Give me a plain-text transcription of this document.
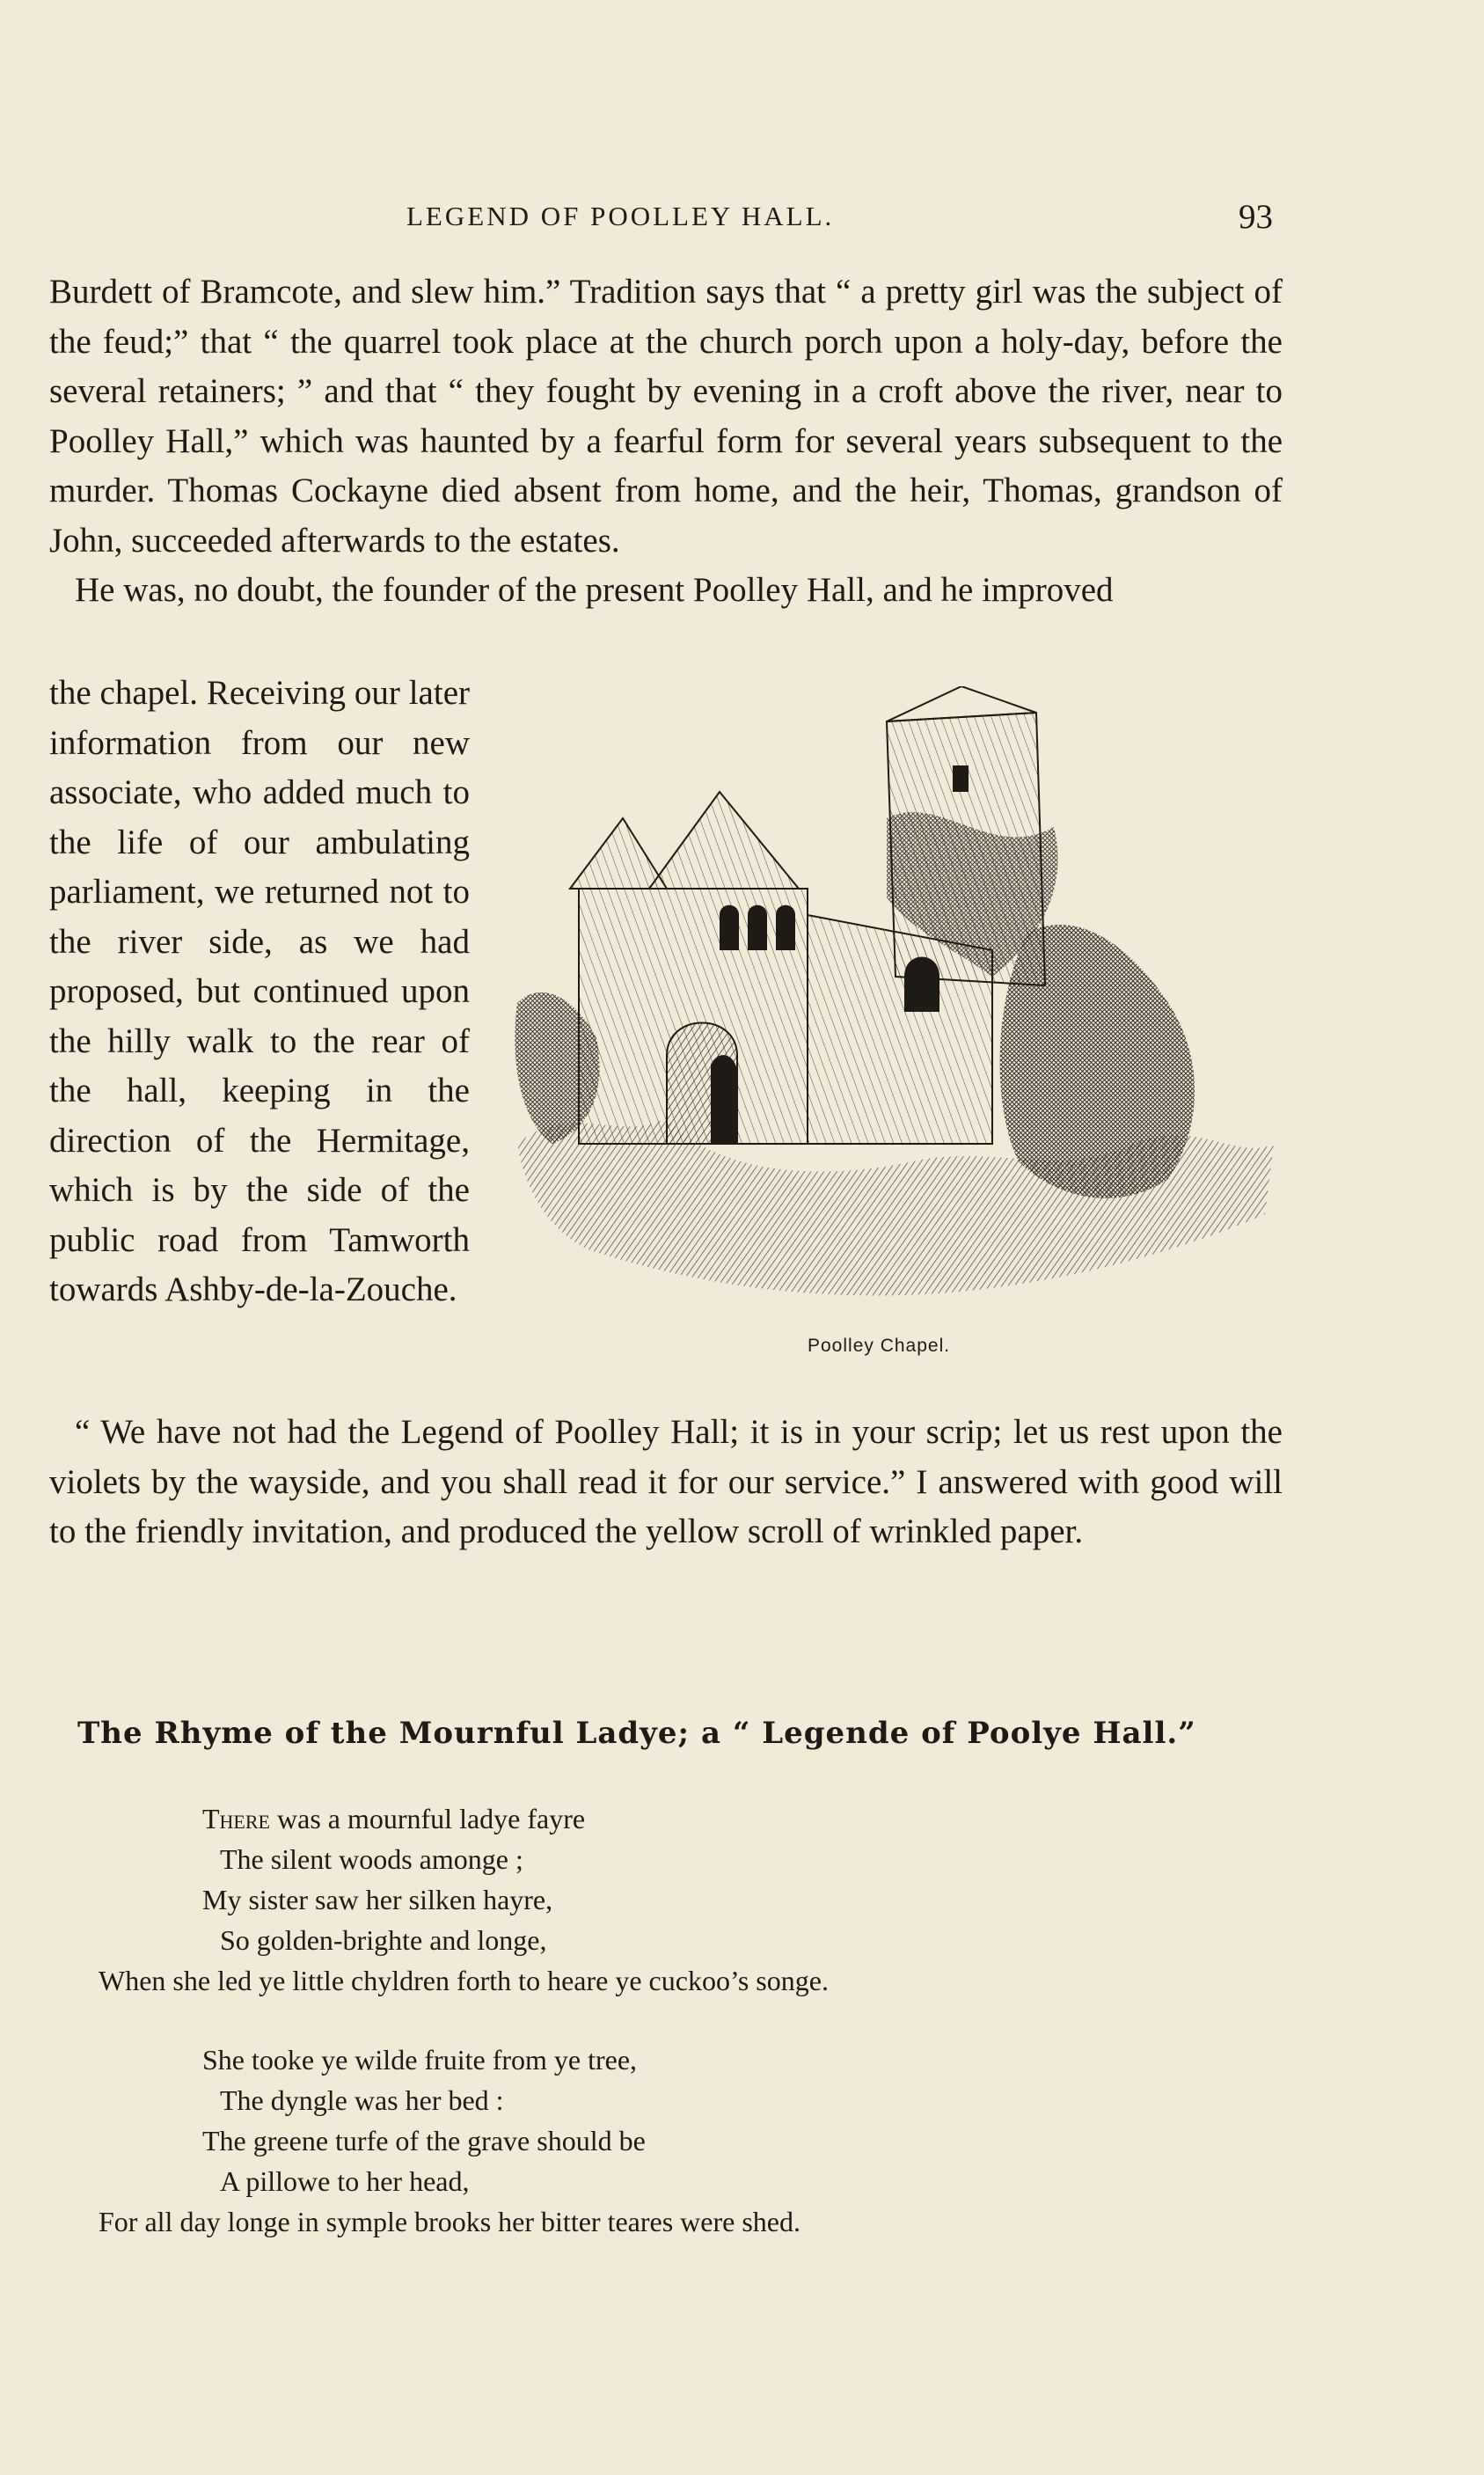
LEGEND OF POOLLEY HALL.	93

Burdett of Bramcote, and slew him.” Tradition says that “ a pretty girl was the subject of the feud;” that “ the quarrel took place at the church porch upon a holy-day, before the several retainers; ” and that “ they fought by evening in a croft above the river, near to Poolley Hall,” which was haunted by a fearful form for several years subsequent to the murder. Thomas Cockayne died absent from home, and the heir, Thomas, grandson of John, succeeded afterwards to the estates.

He was, no doubt, the founder of the present Poolley Hall, and he improved

the chapel. Receiving our later information from our new associate, who added much to the life of our ambulating parliament, we returned not to the river side, as we had proposed, but continued upon the hilly walk to the rear of the hall, keeping in the direction of the Hermitage, which is by the side of the public road from Tamworth towards Ashby-de-la-Zouche.

Poolley Chapel.

“ We have not had the Legend of Poolley Hall; it is in your scrip; let us rest upon the violets by the wayside, and you shall read it for our service.” I answered with good will to the friendly invitation, and produced the yellow scroll of wrinkled paper.

The Rhyme of the Mournful Ladye; a “ Legende of Poolye Hall.”
There was a mournful ladye fayre
The silent woods amonge ;
My sister saw her silken hayre,
So golden-brighte and longe,
When she led ye little chyldren forth to heare ye cuckoo’s songe.
She tooke ye wilde fruite from ye tree,
The dyngle was her bed :
The greene turfe of the grave should be
A pillowe to her head,
For all day longe in symple brooks her bitter teares were shed.
